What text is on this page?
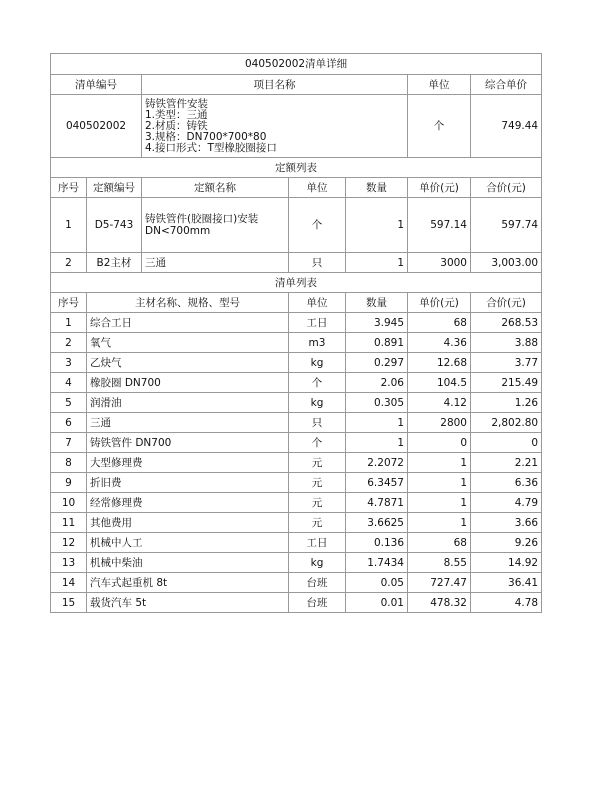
040502002清单详细						
清单编号		项目名称			单位	综合单价
040502002		铸铁管件安装
1.类型：三通
2.材质：铸铁
3.规格：DN700*700*80
4.接口形式：T型橡胶圈接口			个	749.44
定额列表						
序号	定额编号	定额名称	单位	数量	单价(元)	合价(元)
1	D5-743	铸铁管件(胶圈接口)安装 DN<700mm	个	1	597.14	597.74
2	B2主材	三通	只	1	3000	3,003.00
清单列表						
序号	主材名称、规格、型号		单位	数量	单价(元)	合价(元)
1	综合工日		工日	3.945	68	268.53
2	氧气		m3	0.891	4.36	3.88
3	乙炔气		kg	0.297	12.68	3.77
4	橡胶圈 DN700		个	2.06	104.5	215.49
5	润滑油		kg	0.305	4.12	1.26
6	三通		只	1	2800	2,802.80
7	铸铁管件 DN700		个	1	0	0
8	大型修理费		元	2.2072	1	2.21
9	折旧费		元	6.3457	1	6.36
10	经常修理费		元	4.7871	1	4.79
11	其他费用		元	3.6625	1	3.66
12	机械中人工		工日	0.136	68	9.26
13	机械中柴油		kg	1.7434	8.55	14.92
14	汽车式起重机 8t		台班	0.05	727.47	36.41
15	载货汽车 5t		台班	0.01	478.32	4.78
